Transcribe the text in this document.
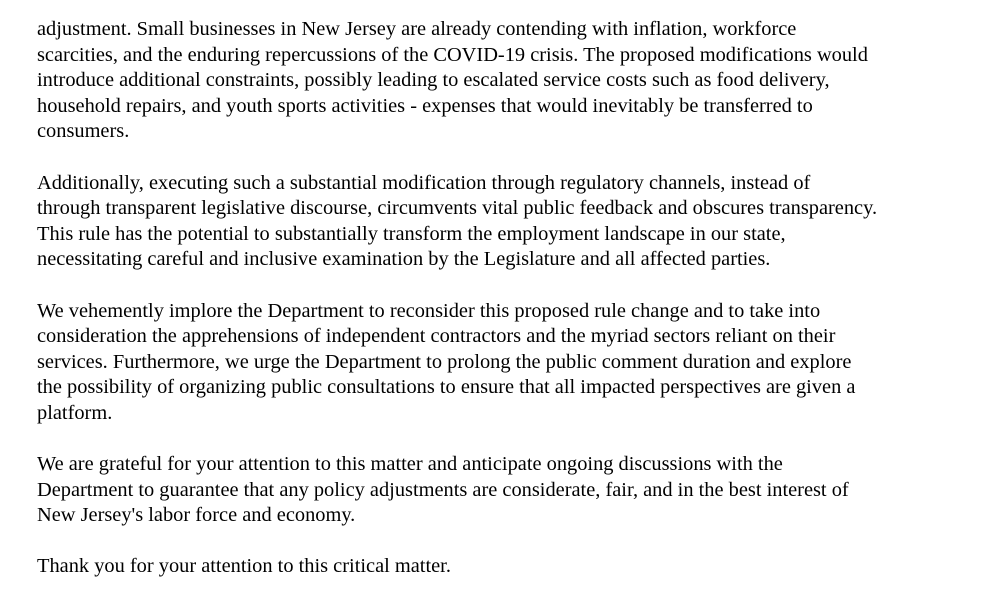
adjustment. Small businesses in New Jersey are already contending with inflation, workforce
scarcities, and the enduring repercussions of the COVID-19 crisis. The proposed modifications would
introduce additional constraints, possibly leading to escalated service costs such as food delivery,
household repairs, and youth sports activities - expenses that would inevitably be transferred to
consumers.

Additionally, executing such a substantial modification through regulatory channels, instead of
through transparent legislative discourse, circumvents vital public feedback and obscures transparency.
This rule has the potential to substantially transform the employment landscape in our state,
necessitating careful and inclusive examination by the Legislature and all affected parties.

We vehemently implore the Department to reconsider this proposed rule change and to take into
consideration the apprehensions of independent contractors and the myriad sectors reliant on their
services. Furthermore, we urge the Department to prolong the public comment duration and explore
the possibility of organizing public consultations to ensure that all impacted perspectives are given a
platform.

We are grateful for your attention to this matter and anticipate ongoing discussions with the
Department to guarantee that any policy adjustments are considerate, fair, and in the best interest of
New Jersey's labor force and economy.

Thank you for your attention to this critical matter.
